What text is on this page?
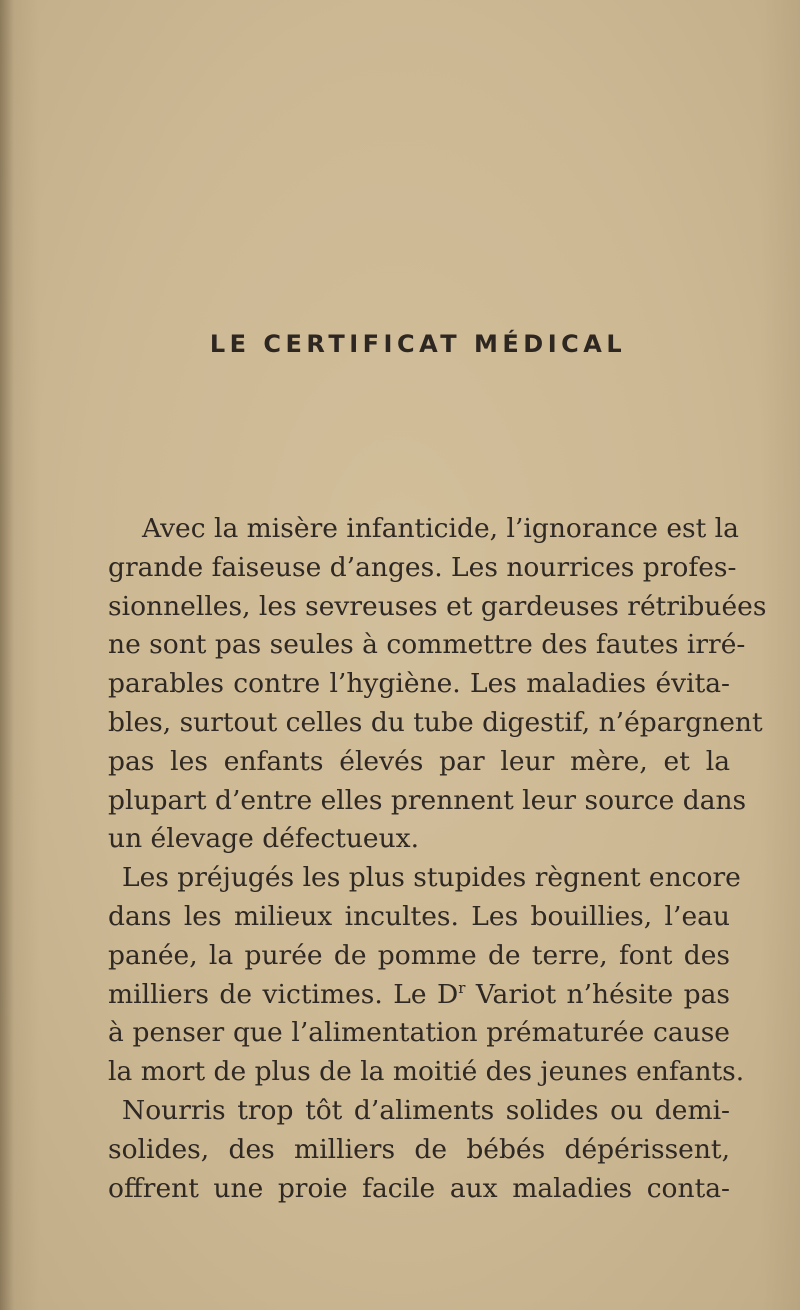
LE CERTIFICAT MÉDICAL
Avec la misère infanticide, l’ignorance est la
grande faiseuse d’anges. Les nourrices profes-
sionnelles, les sevreuses et gardeuses rétribuées
ne sont pas seules à commettre des fautes irré-
parables contre l’hygiène. Les maladies évita-
bles, surtout celles du tube digestif, n’épargnent
pas les enfants élevés par leur mère, et la
plupart d’entre elles prennent leur source dans
un élevage défectueux.
Les préjugés les plus stupides règnent encore
dans les milieux incultes. Les bouillies, l’eau
panée, la purée de pomme de terre, font des
milliers de victimes. Le $D^r$ Variot n’hésite pas
à penser que l’alimentation prématurée cause
la mort de plus de la moitié des jeunes enfants.
Nourris trop tôt d’aliments solides ou demi-
solides, des milliers de bébés dépérissent,
offrent une proie facile aux maladies conta-
